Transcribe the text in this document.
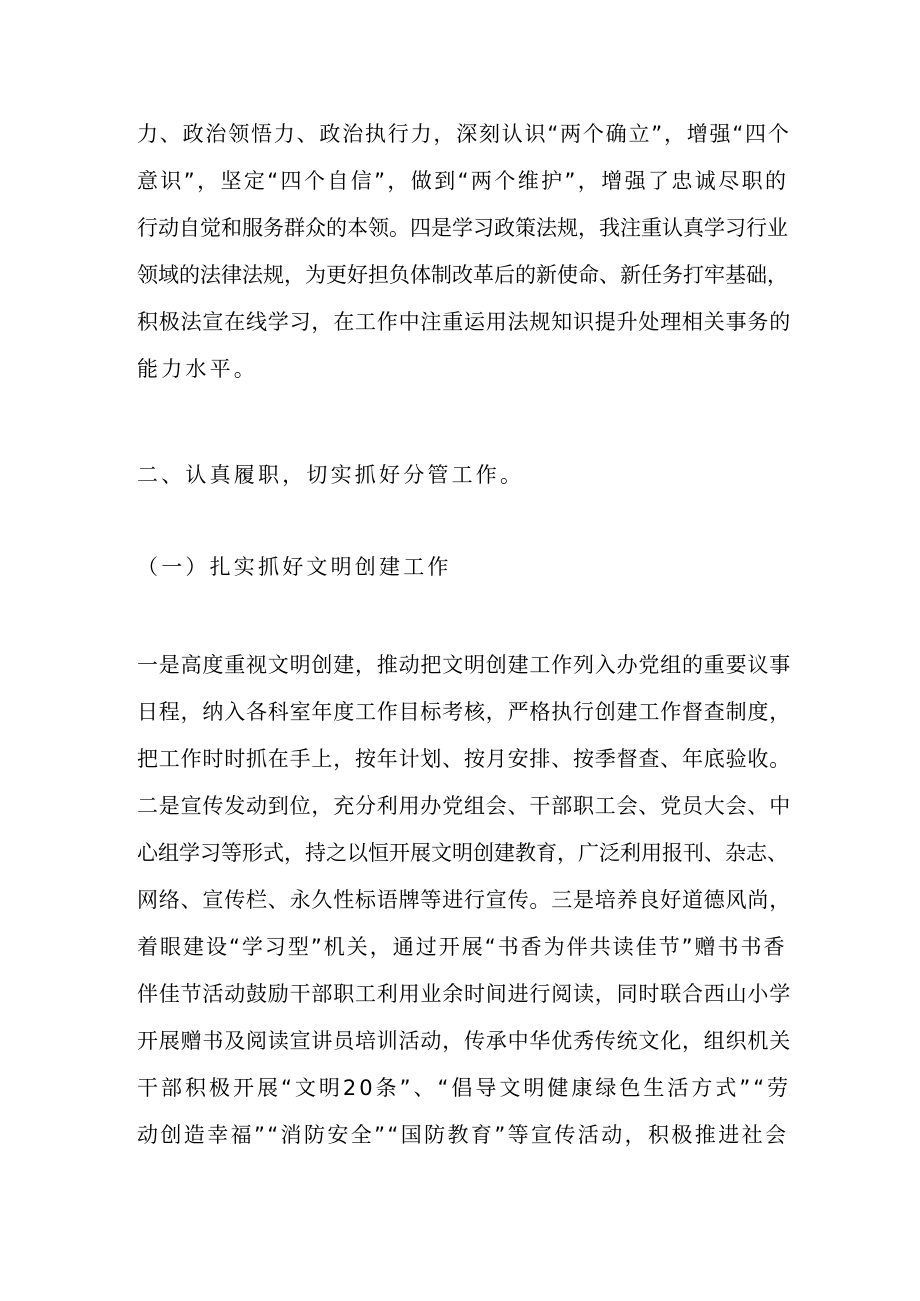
力、政治领悟力、政治执行力，深刻认识“两个确立”，增强“四个
意识”，坚定“四个自信”，做到“两个维护”，增强了忠诚尽职的
行动自觉和服务群众的本领。四是学习政策法规，我注重认真学习行业
领域的法律法规，为更好担负体制改革后的新使命、新任务打牢基础，
积极法宣在线学习，在工作中注重运用法规知识提升处理相关事务的
能力水平。
二、认真履职，切实抓好分管工作。
（一）扎实抓好文明创建工作
一是高度重视文明创建，推动把文明创建工作列入办党组的重要议事
日程，纳入各科室年度工作目标考核，严格执行创建工作督查制度，
把工作时时抓在手上，按年计划、按月安排、按季督查、年底验收。
二是宣传发动到位，充分利用办党组会、干部职工会、党员大会、中
心组学习等形式，持之以恒开展文明创建教育，广泛利用报刊、杂志、
网络、宣传栏、永久性标语牌等进行宣传。三是培养良好道德风尚，
着眼建设“学习型”机关，通过开展“书香为伴共读佳节”赠书书香
伴佳节活动鼓励干部职工利用业余时间进行阅读，同时联合西山小学
开展赠书及阅读宣讲员培训活动，传承中华优秀传统文化，组织机关
干部积极开展“文明20条”、“倡导文明健康绿色生活方式”“劳
动创造幸福”“消防安全”“国防教育”等宣传活动，积极推进社会
